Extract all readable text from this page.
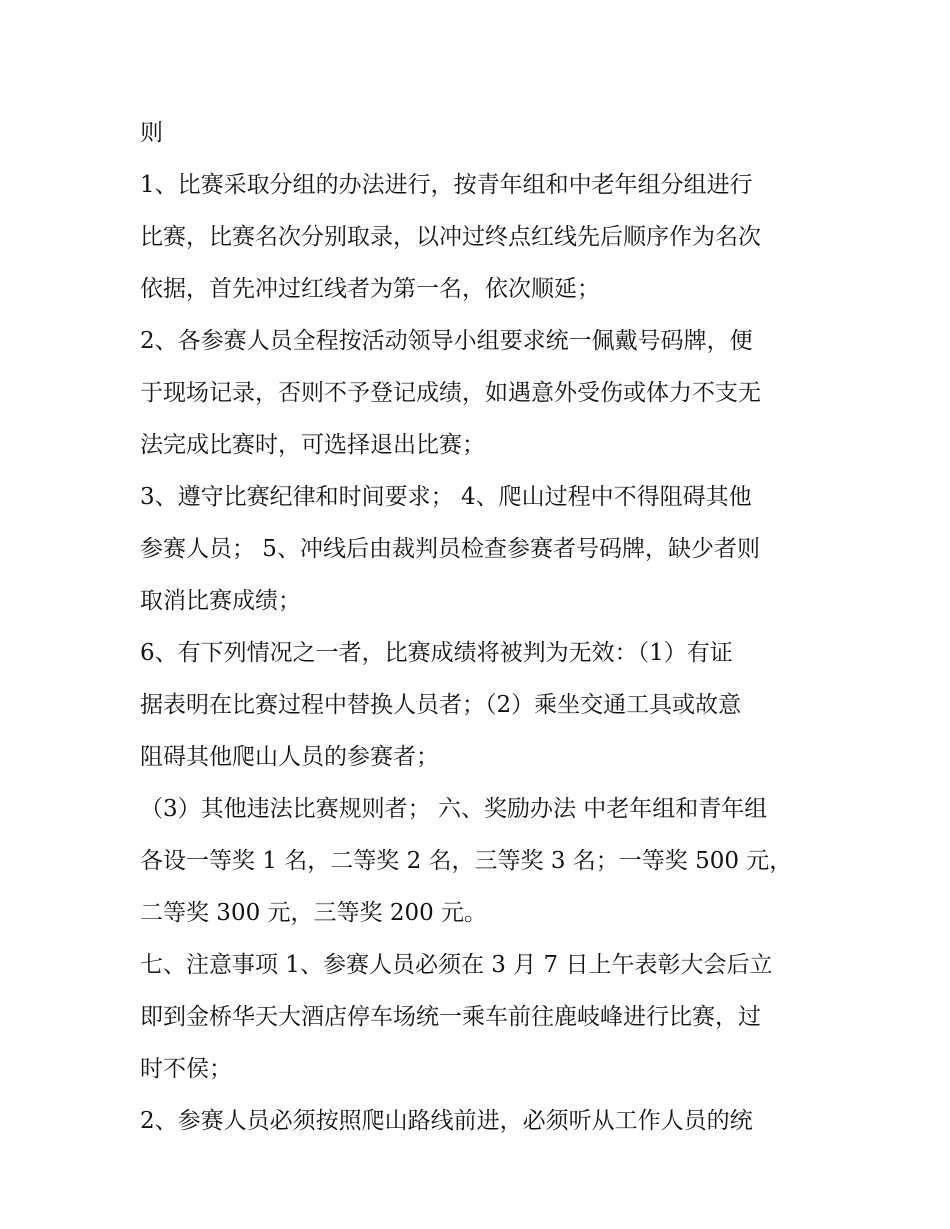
则
1、比赛采取分组的办法进行，按青年组和中老年组分组进行
比赛，比赛名次分别取录，以冲过终点红线先后顺序作为名次
依据，首先冲过红线者为第一名，依次顺延；
2、各参赛人员全程按活动领导小组要求统一佩戴号码牌，便
于现场记录，否则不予登记成绩，如遇意外受伤或体力不支无
法完成比赛时，可选择退出比赛；
3、遵守比赛纪律和时间要求； 4、爬山过程中不得阻碍其他
参赛人员； 5、冲线后由裁判员检查参赛者号码牌，缺少者则
取消比赛成绩；
6、有下列情况之一者，比赛成绩将被判为无效：（1）有证
据表明在比赛过程中替换人员者；（2）乘坐交通工具或故意
阻碍其他爬山人员的参赛者；
（3）其他违法比赛规则者； 六、奖励办法 中老年组和青年组
各设一等奖 1 名，二等奖 2 名，三等奖 3 名；一等奖 500 元，
二等奖 300 元，三等奖 200 元。
七、注意事项 1、参赛人员必须在 3 月 7 日上午表彰大会后立
即到金桥华天大酒店停车场统一乘车前往鹿岐峰进行比赛，过
时不侯；
2、参赛人员必须按照爬山路线前进，必须听从工作人员的统
